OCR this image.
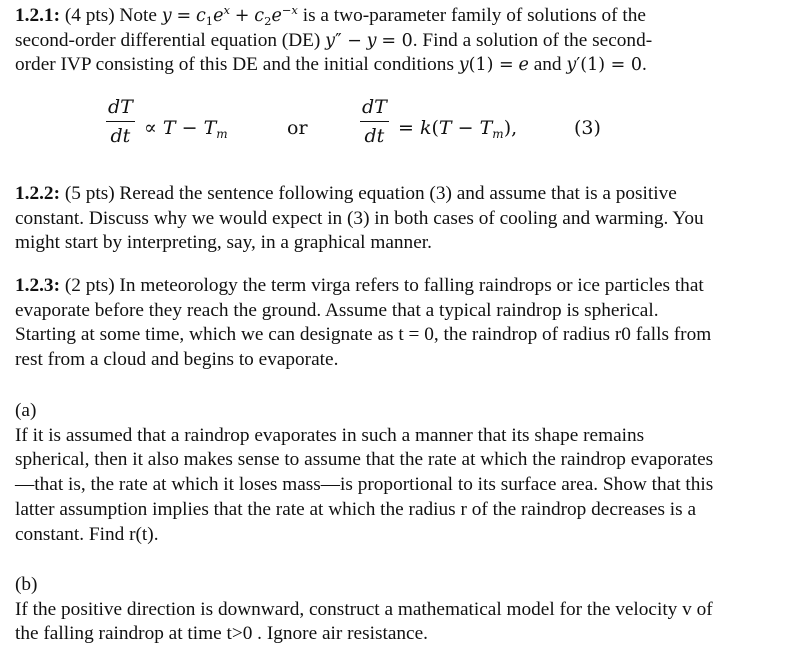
1.2.1: (4 pts) Note $y = c_1e^x + c_2e^{-x}$ is a two-parameter family of solutions of the
second-order differential equation (DE) y″ − y = 0. Find a solution of the second-
order IVP consisting of this DE and the initial conditions y(1) = e and y′(1) = 0.
dT
dt ∝ $T - T_m$	or
dT
dt = $k(T - T_m)$,	(3)
1.2.2: (5 pts) Reread the sentence following equation (3) and assume that is a positive
constant. Discuss why we would expect in (3) in both cases of cooling and warming. You
might start by interpreting, say, in a graphical manner.
1.2.3: (2 pts) In meteorology the term virga refers to falling raindrops or ice particles that
evaporate before they reach the ground. Assume that a typical raindrop is spherical.
Starting at some time, which we can designate as t = 0, the raindrop of radius r0 falls from
rest from a cloud and begins to evaporate.
(a)
If it is assumed that a raindrop evaporates in such a manner that its shape remains
spherical, then it also makes sense to assume that the rate at which the raindrop evaporates
—that is, the rate at which it loses mass—is proportional to its surface area. Show that this
latter assumption implies that the rate at which the radius r of the raindrop decreases is a
constant. Find r(t).
(b)
If the positive direction is downward, construct a mathematical model for the velocity v of
the falling raindrop at time t>0 . Ignore air resistance.
